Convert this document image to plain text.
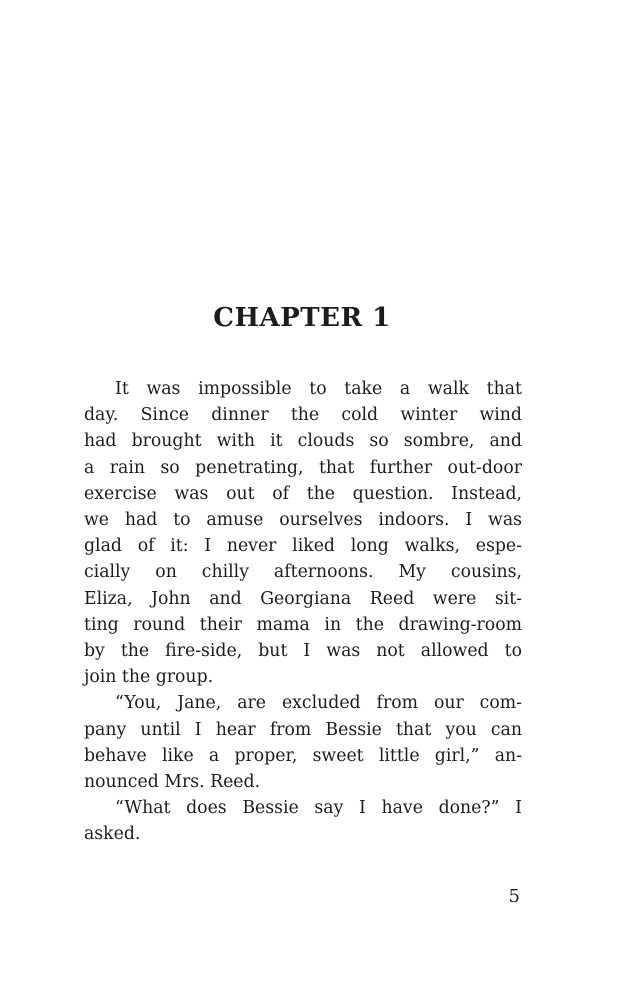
CHAPTER 1
It was impossible to take a walk that
day. Since dinner the cold winter wind
had brought with it clouds so sombre, and
a rain so penetrating, that further out-door
exercise was out of the question. Instead,
we had to amuse ourselves indoors. I was
glad of it: I never liked long walks, espe-
cially on chilly afternoons. My cousins,
Eliza, John and Georgiana Reed were sit-
ting round their mama in the drawing-room
by the fire-side, but I was not allowed to
join the group.
“You, Jane, are excluded from our com-
pany until I hear from Bessie that you can
behave like a proper, sweet little girl,” an-
nounced Mrs. Reed.
“What does Bessie say I have done?” I
asked.
5
